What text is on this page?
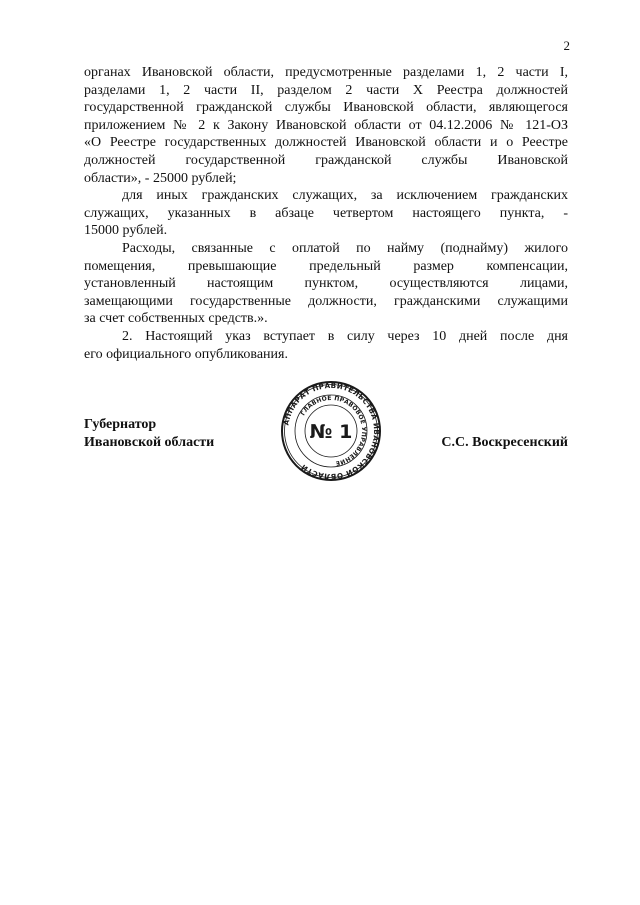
2
органах Ивановской области, предусмотренные разделами 1, 2 части I,
разделами 1, 2 части II, разделом 2 части X Реестра должностей
государственной гражданской службы Ивановской области, являющегося
приложением № 2 к Закону Ивановской области от 04.12.2006 № 121-ОЗ
«О Реестре государственных должностей Ивановской области и о Реестре
должностей государственной гражданской службы Ивановской
области», - 25000 рублей;
для иных гражданских служащих, за исключением гражданских
служащих, указанных в абзаце четвертом настоящего пункта, -
15000 рублей.
Расходы, связанные с оплатой по найму (поднайму) жилого
помещения, превышающие предельный размер компенсации,
установленный настоящим пунктом, осуществляются лицами,
замещающими государственные должности, гражданскими служащими
за счет собственных средств.».
2. Настоящий указ вступает в силу через 10 дней после дня
его официального опубликования.
Губернатор
Ивановской области
АППАРАТ ПРАВИТЕЛЬСТВА ИВАНОВСКОЙ ОБЛАСТИ
ГЛАВНОЕ ПРАВОВОЕ УПРАВЛЕНИЕ
№ 1	С.С. Воскресенский
